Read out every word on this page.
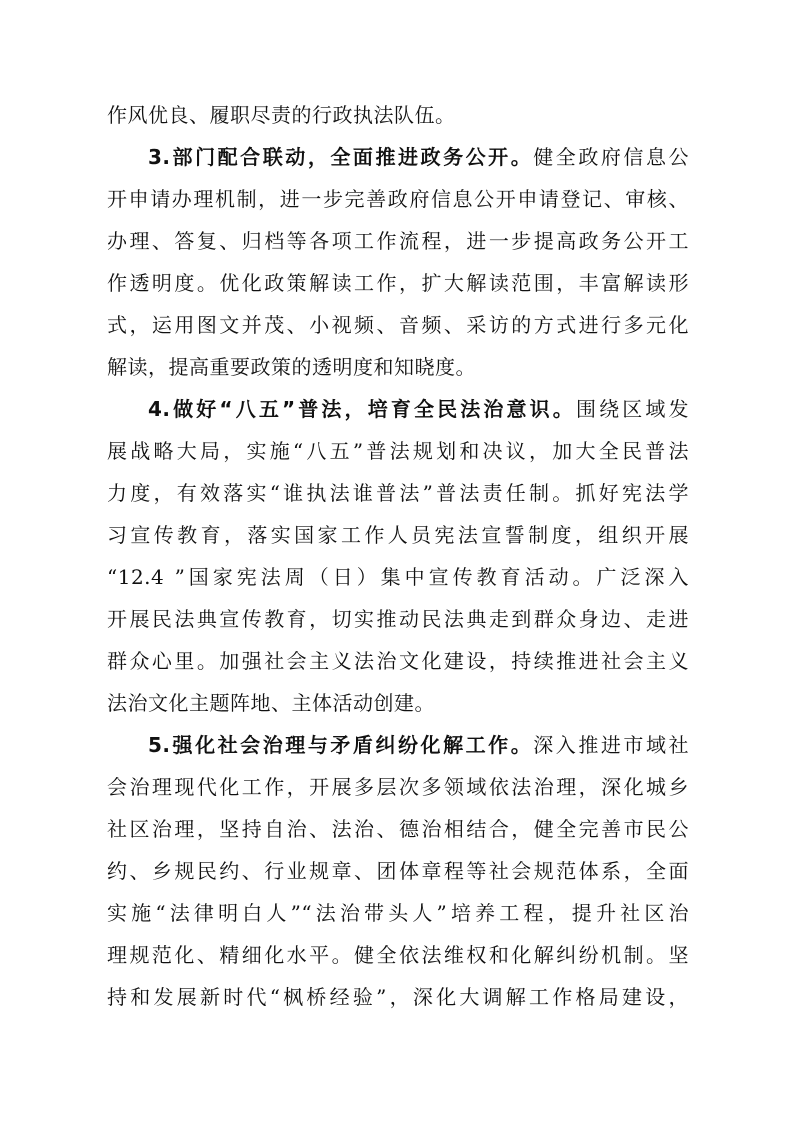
作风优良、履职尽责的行政执法队伍。
3.部门配合联动，全面推进政务公开。健全政府信息公
开申请办理机制，进一步完善政府信息公开申请登记、审核、
办理、答复、归档等各项工作流程，进一步提高政务公开工
作透明度。优化政策解读工作，扩大解读范围，丰富解读形
式，运用图文并茂、小视频、音频、采访的方式进行多元化
解读，提高重要政策的透明度和知晓度。
4.做好“八五”普法，培育全民法治意识。围绕区域发
展战略大局，实施“八五”普法规划和决议，加大全民普法
力度，有效落实“谁执法谁普法”普法责任制。抓好宪法学
习宣传教育，落实国家工作人员宪法宣誓制度，组织开展
“12.4 ”国家宪法周（日）集中宣传教育活动。广泛深入
开展民法典宣传教育，切实推动民法典走到群众身边、走进
群众心里。加强社会主义法治文化建设，持续推进社会主义
法治文化主题阵地、主体活动创建。
5.强化社会治理与矛盾纠纷化解工作。深入推进市域社
会治理现代化工作，开展多层次多领域依法治理，深化城乡
社区治理，坚持自治、法治、德治相结合，健全完善市民公
约、乡规民约、行业规章、团体章程等社会规范体系，全面
实施“法律明白人”“法治带头人”培养工程，提升社区治
理规范化、精细化水平。健全依法维权和化解纠纷机制。坚
持和发展新时代“枫桥经验”，深化大调解工作格局建设，
